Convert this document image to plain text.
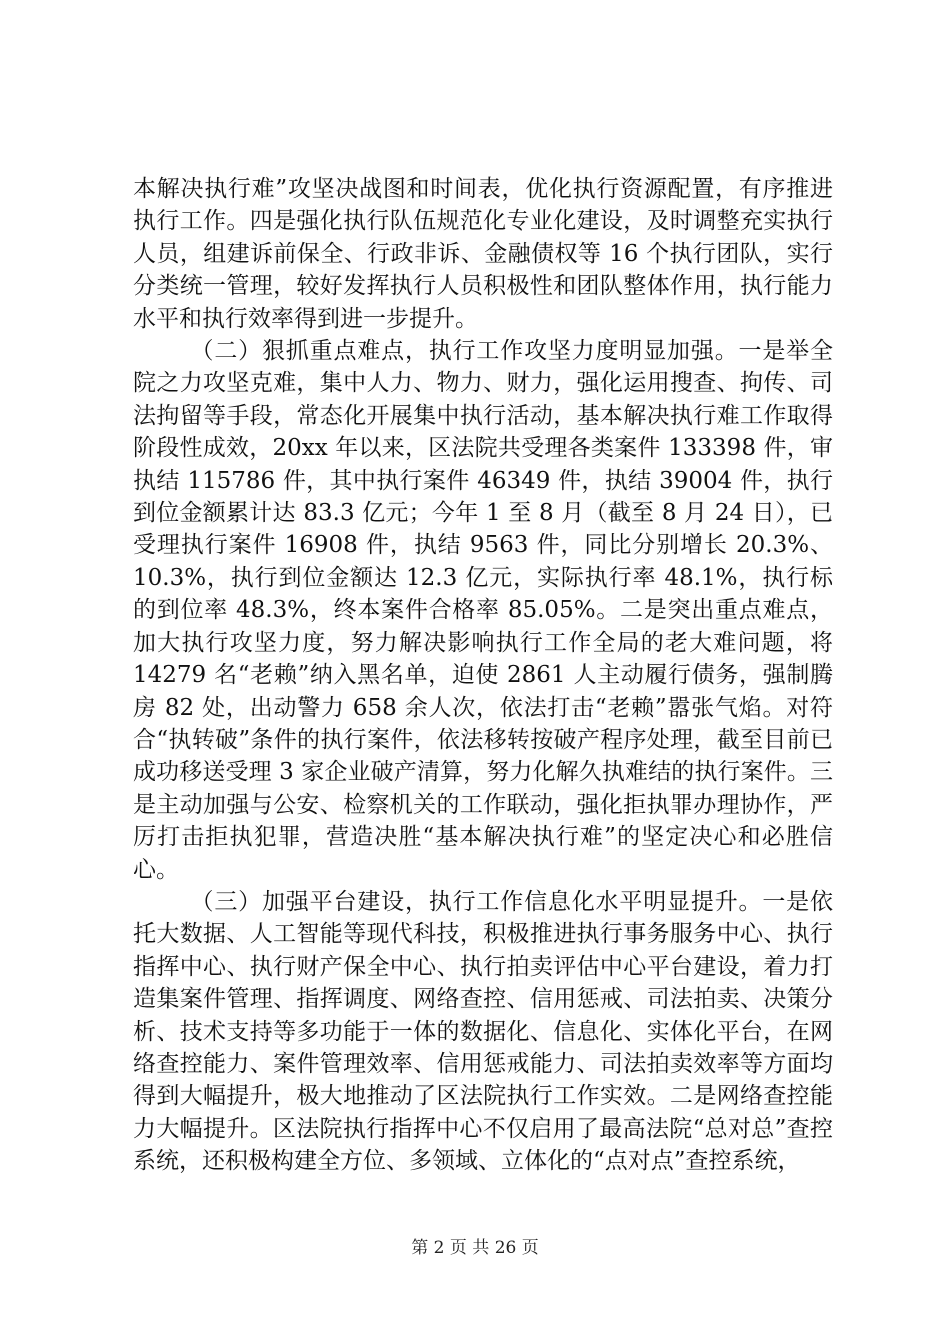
本解决执行难”攻坚决战图和时间表，优化执行资源配置，有序推进执行工作。四是强化执行队伍规范化专业化建设，及时调整充实执行人员，组建诉前保全、行政非诉、金融债权等 16 个执行团队，实行分类统一管理，较好发挥执行人员积极性和团队整体作用，执行能力水平和执行效率得到进一步提升。

（二）狠抓重点难点，执行工作攻坚力度明显加强。一是举全院之力攻坚克难，集中人力、物力、财力，强化运用搜查、拘传、司法拘留等手段，常态化开展集中执行活动，基本解决执行难工作取得阶段性成效，20xx 年以来，区法院共受理各类案件 133398 件，审执结 115786 件，其中执行案件 46349 件，执结 39004 件，执行到位金额累计达 83.3 亿元；今年 1 至 8 月（截至 8 月 24 日），已受理执行案件 16908 件，执结 9563 件，同比分别增长 20.3%、10.3%，执行到位金额达 12.3 亿元，实际执行率 48.1%，执行标的到位率 48.3%，终本案件合格率 85.05%。二是突出重点难点，加大执行攻坚力度，努力解决影响执行工作全局的老大难问题，将 14279 名“老赖”纳入黑名单，迫使 2861 人主动履行债务，强制腾房 82 处，出动警力 658 余人次，依法打击“老赖”嚣张气焰。对符合“执转破”条件的执行案件，依法移转按破产程序处理，截至目前已成功移送受理 3 家企业破产清算，努力化解久执难结的执行案件。三是主动加强与公安、检察机关的工作联动，强化拒执罪办理协作，严厉打击拒执犯罪，营造决胜“基本解决执行难”的坚定决心和必胜信心。

（三）加强平台建设，执行工作信息化水平明显提升。一是依托大数据、人工智能等现代科技，积极推进执行事务服务中心、执行指挥中心、执行财产保全中心、执行拍卖评估中心平台建设，着力打造集案件管理、指挥调度、网络查控、信用惩戒、司法拍卖、决策分析、技术支持等多功能于一体的数据化、信息化、实体化平台，在网络查控能力、案件管理效率、信用惩戒能力、司法拍卖效率等方面均得到大幅提升，极大地推动了区法院执行工作实效。二是网络查控能力大幅提升。区法院执行指挥中心不仅启用了最高法院“总对总”查控系统，还积极构建全方位、多领域、立体化的“点对点”查控系统，

第 2 页 共 26 页
